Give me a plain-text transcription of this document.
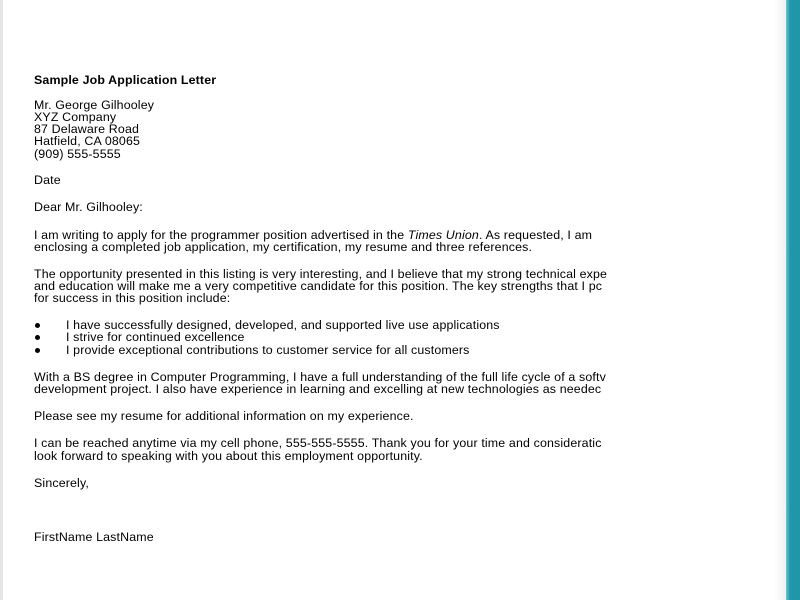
Sample Job Application Letter

Mr. George Gilhooley

XYZ Company

87 Delaware Road

Hatfield, CA 08065

(909) 555-5555

Date

Dear Mr. Gilhooley:

I am writing to apply for the programmer position advertised in the Times Union. As requested, I am

enclosing a completed job application, my certification, my resume and three references.

The opportunity presented in this listing is very interesting, and I believe that my strong technical expe

and education will make me a very competitive candidate for this position. The key strengths that I pc

for success in this position include:

I have successfully designed, developed, and supported live use applications
I strive for continued excellence
I provide exceptional contributions to customer service for all customers

With a BS degree in Computer Programming, I have a full understanding of the full life cycle of a softv

development project. I also have experience in learning and excelling at new technologies as needec

Please see my resume for additional information on my experience.

I can be reached anytime via my cell phone, 555-555-5555. Thank you for your time and consideratic

look forward to speaking with you about this employment opportunity.

Sincerely,

FirstName LastName
